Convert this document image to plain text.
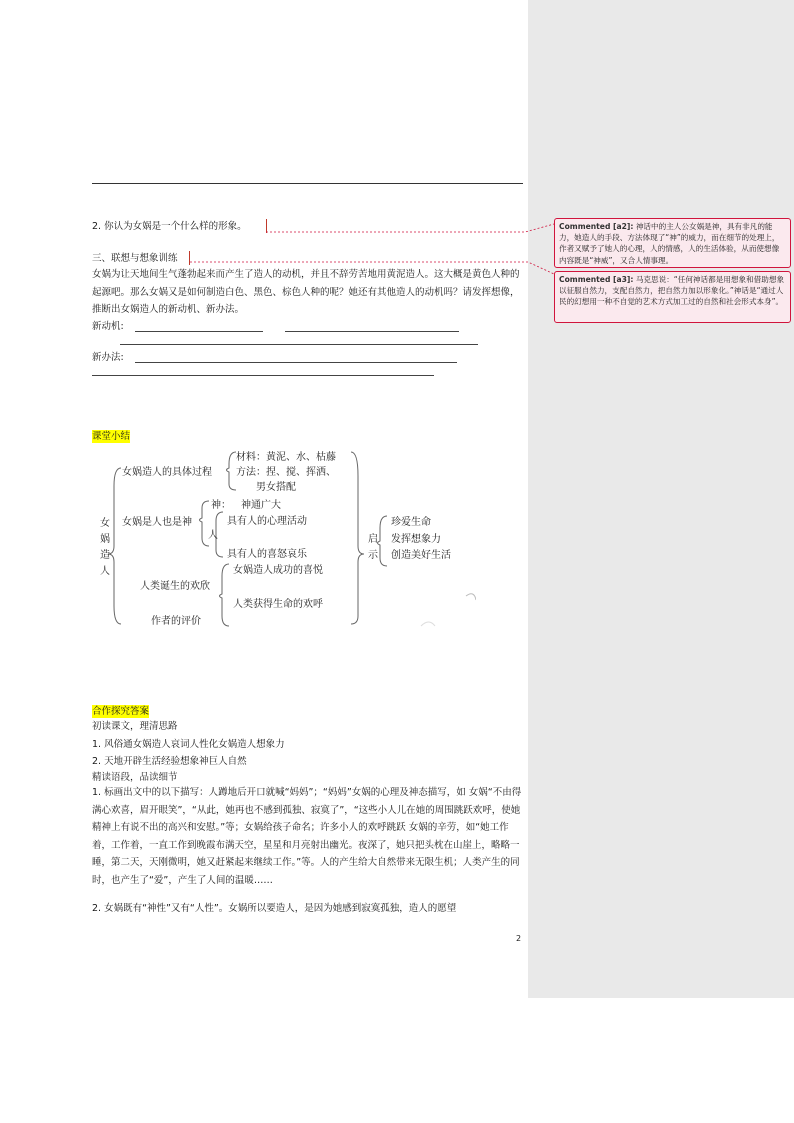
2. 你认为女娲是一个什么样的形象。
三、联想与想象训练
女娲为让天地间生气蓬勃起来而产生了造人的动机，并且不辞劳苦地用黄泥造人。这大概是黄色人种的起源吧。那么女娲又是如何制造白色、黑色、棕色人种的呢？她还有其他造人的动机吗？请发挥想像，推断出女娲造人的新动机、新办法。
新动机:
新办法:
课堂小结
女
娲
造
人
女娲造人的具体过程
材料：黄泥、水、枯藤
方法：捏、搅、挥洒、
男女搭配
女娲是人也是神
神： 神通广大
人
具有人的心理活动
具有人的喜怒哀乐
女娲造人成功的喜悦
人类诞生的欢欣
人类获得生命的欢呼
作者的评价
启
示
珍爱生命
发挥想象力
创造美好生活
合作探究答案
初读课文，理清思路
1. 风俗通女娲造人哀词人性化女娲造人想象力
2. 天地开辟生活经验想象神巨人自然
精读语段，品读细节
1. 标画出文中的以下描写：人蹲地后开口就喊“妈妈”；“妈妈”女娲的心理及神态描写，如 女娲“不由得满心欢喜，眉开眼笑”，“从此，她再也不感到孤独、寂寞了”，“这些小人儿在她的周围跳跃欢呼，使她精神上有说不出的高兴和安慰。”等；女娲给孩子命名；许多小人的欢呼跳跃 女娲的辛劳，如“她工作着，工作着，一直工作到晚霞布满天空，星星和月亮射出幽光。夜深了，她只把头枕在山崖上，略略一睡，第二天，天刚微明，她又赶紧起来继续工作。”等。人的产生给大自然带来无限生机；人类产生的同时，也产生了“爱”，产生了人间的温暖……
2. 女娲既有“神性”又有“人性”。女娲所以要造人，是因为她感到寂寞孤独，造人的愿望
2
Commented [a2]: 神话中的主人公女娲是神，具有非凡的能力，她造人的手段、方法体现了“神”的威力，而在细节的处理上，作者又赋予了她人的心理，人的情感，人的生活体验，从而使想像内容既是“神威”，又合人情事理。
Commented [a3]: 马克思说：“任何神话都是用想象和借助想象以征服自然力，支配自然力，把自然力加以形象化。”神话是“通过人民的幻想用一种不自觉的艺术方式加工过的自然和社会形式本身”。
